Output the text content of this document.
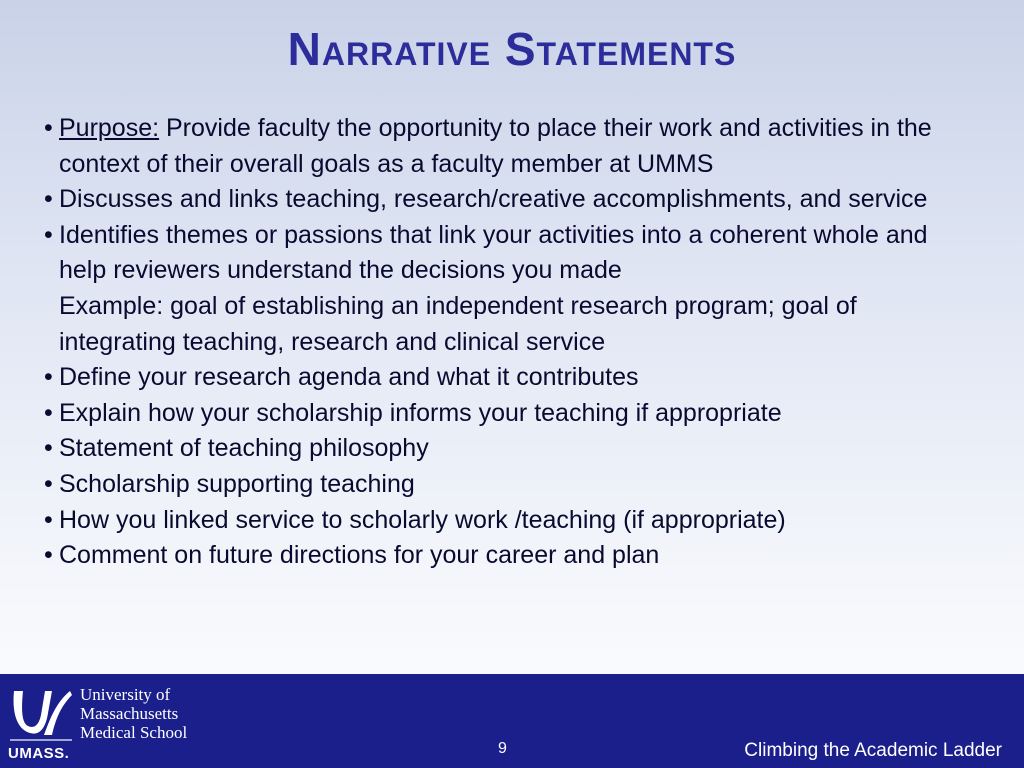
Narrative Statements
• Purpose: Provide faculty the opportunity to place their work and activities in the context of their overall goals as a faculty member at UMMS
• Discusses and links teaching, research/creative accomplishments, and service
• Identifies themes or passions that link your activities into a coherent whole and help reviewers understand the decisions you made
Example: goal of establishing an independent research program; goal of integrating teaching, research and clinical service
• Define your research agenda and what it contributes
• Explain how your scholarship informs your teaching if appropriate
• Statement of teaching philosophy
• Scholarship supporting teaching
• How you linked service to scholarly work /teaching (if appropriate)
• Comment on future directions for your career and plan
UMASS.
University of
Massachusetts
Medical School
9	Climbing the Academic Ladder
